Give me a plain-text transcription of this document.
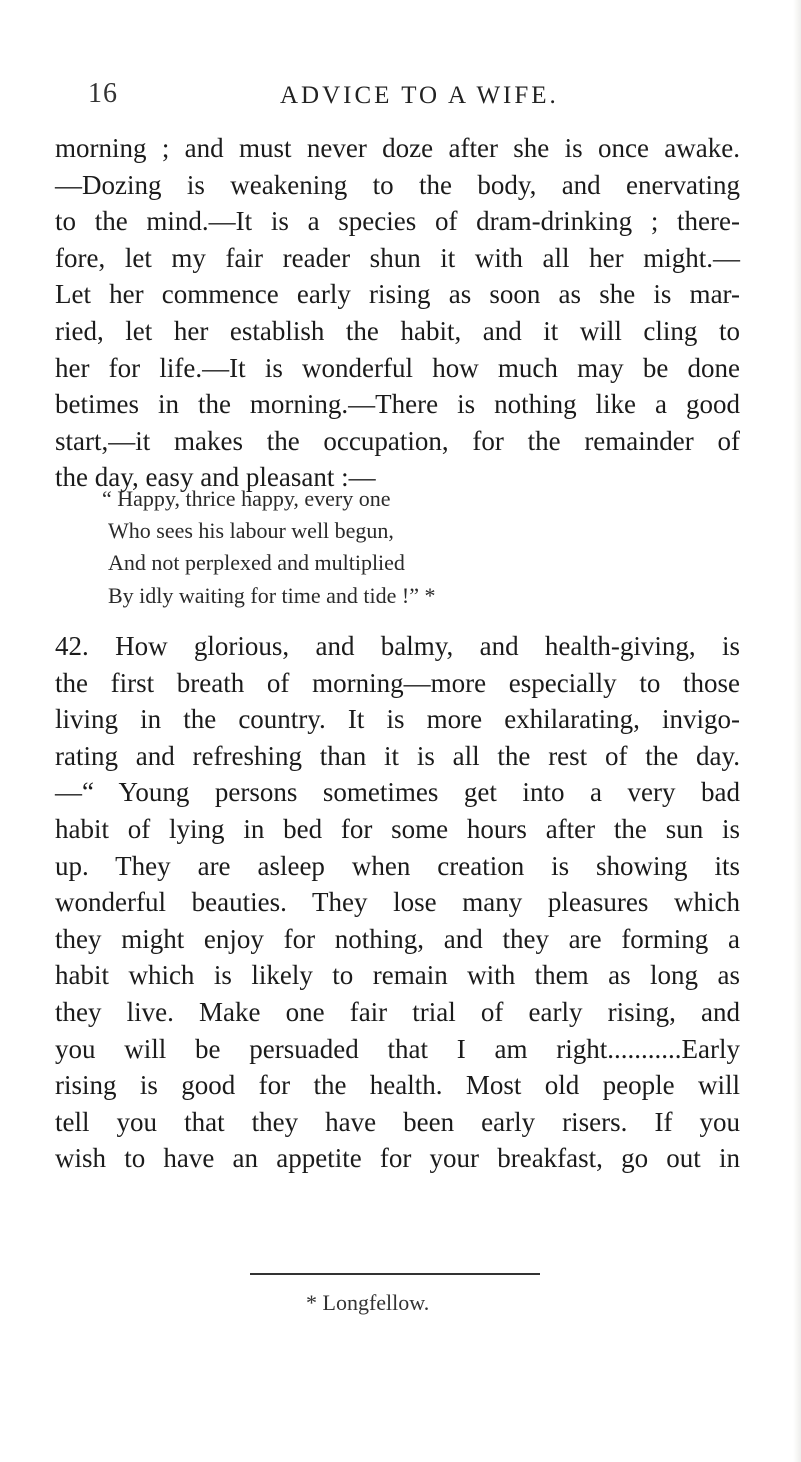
16	ADVICE TO A WIFE.
morning ; and must never doze after she is once awake.
—Dozing is weakening to the body, and enervating
to the mind.—It is a species of dram-drinking ; there-
fore, let my fair reader shun it with all her might.—
Let her commence early rising as soon as she is mar-
ried, let her establish the habit, and it will cling to
her for life.—It is wonderful how much may be done
betimes in the morning.—There is nothing like a good
start,—it makes the occupation, for the remainder of
the day, easy and pleasant :—
“ Happy, thrice happy, every one
Who sees his labour well begun,
And not perplexed and multiplied
By idly waiting for time and tide !” *
42. How glorious, and balmy, and health-giving, is
the first breath of morning—more especially to those
living in the country. It is more exhilarating, invigo-
rating and refreshing than it is all the rest of the day.
—“ Young persons sometimes get into a very bad
habit of lying in bed for some hours after the sun is
up. They are asleep when creation is showing its
wonderful beauties. They lose many pleasures which
they might enjoy for nothing, and they are forming a
habit which is likely to remain with them as long as
they live. Make one fair trial of early rising, and
you will be persuaded that I am right...........Early
rising is good for the health. Most old people will
tell you that they have been early risers. If you
wish to have an appetite for your breakfast, go out in
* Longfellow.
